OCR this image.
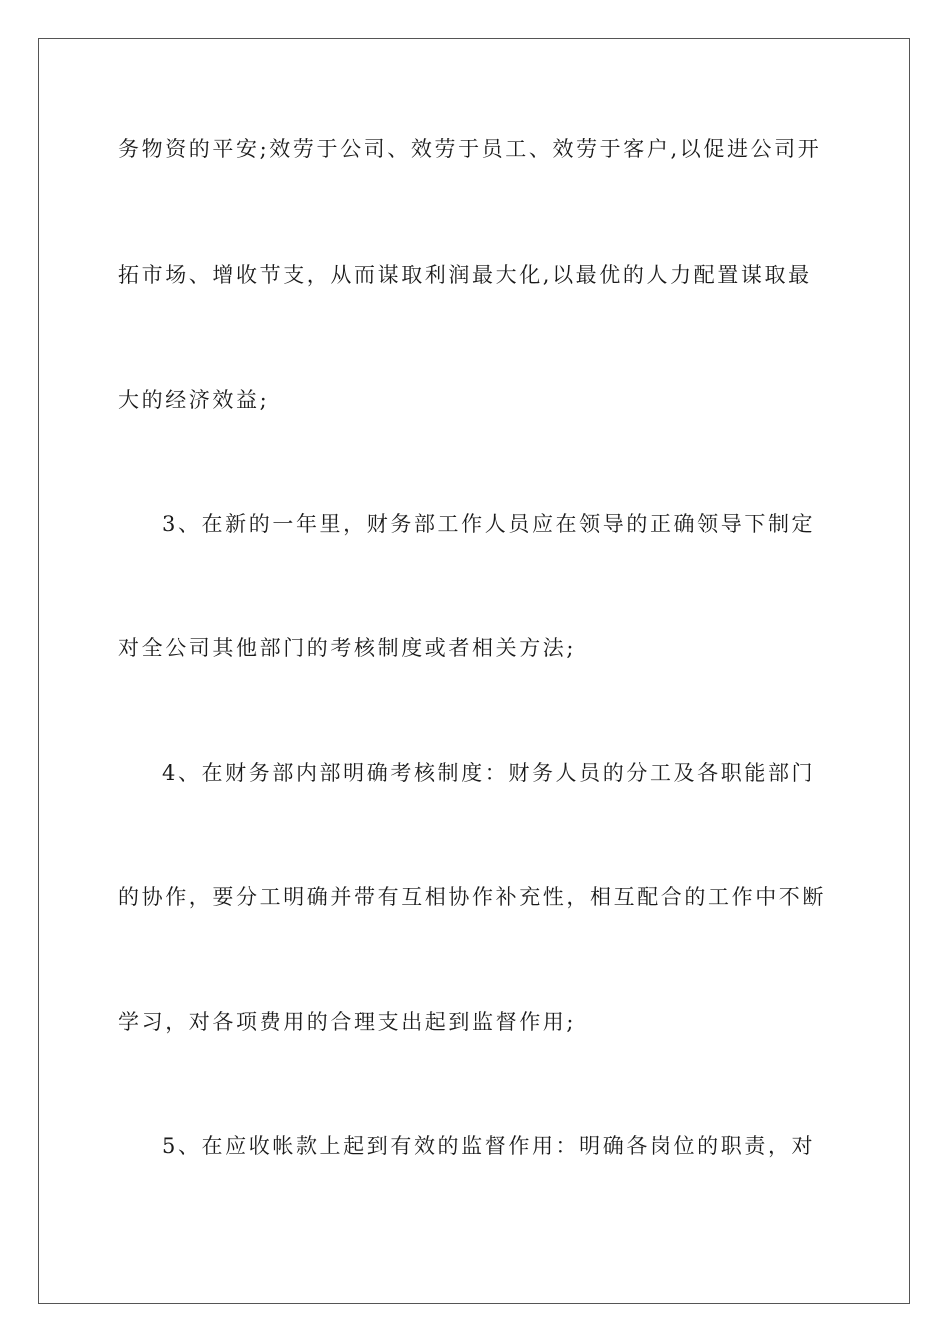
务物资的平安;效劳于公司、效劳于员工、效劳于客户,以促进公司开
拓市场、增收节支，从而谋取利润最大化,以最优的人力配置谋取最
大的经济效益;
3、在新的一年里，财务部工作人员应在领导的正确领导下制定
对全公司其他部门的考核制度或者相关方法;
4、在财务部内部明确考核制度：财务人员的分工及各职能部门
的协作，要分工明确并带有互相协作补充性，相互配合的工作中不断
学习，对各项费用的合理支出起到监督作用;
5、在应收帐款上起到有效的监督作用：明确各岗位的职责，对
